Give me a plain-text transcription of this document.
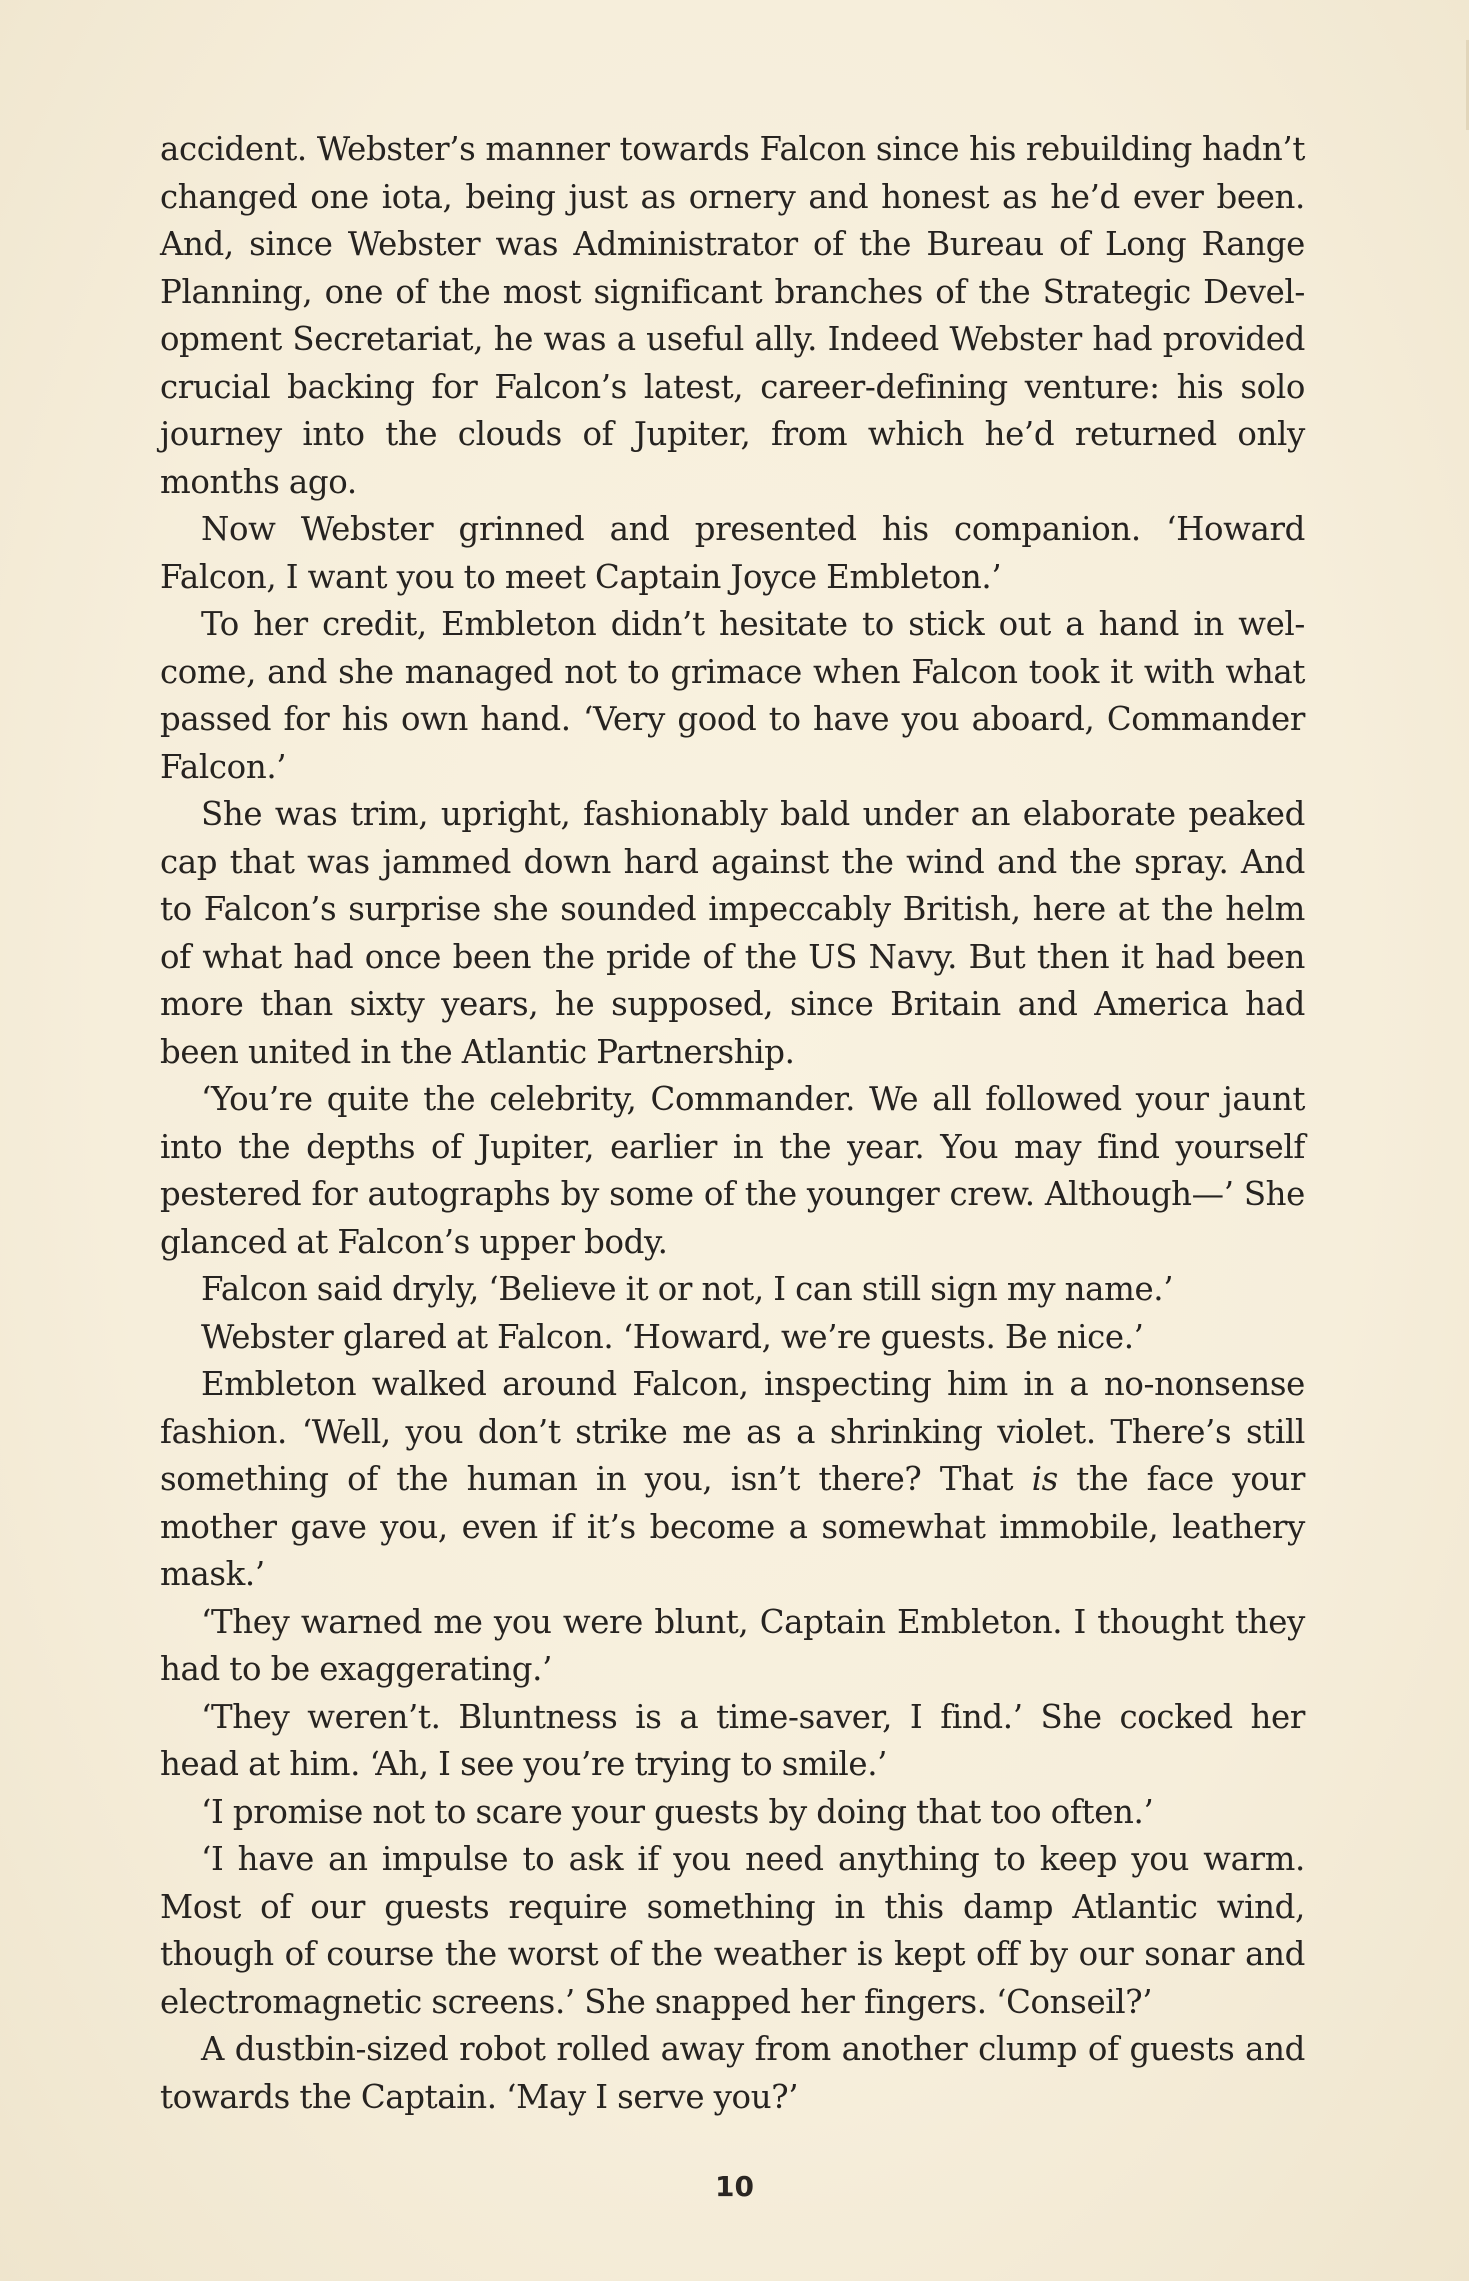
accident. Webster’s manner towards Falcon since his rebuilding hadn’t changed one iota, being just as ornery and honest as he’d ever been. And, since Webster was Administrator of the Bureau of Long Range Planning, one of the most significant branches of the Strategic Devel-opment Secretariat, he was a useful ally. Indeed Webster had provided crucial backing for Falcon’s latest, career-defining venture: his solo journey into the clouds of Jupiter, from which he’d returned only months ago.

Now Webster grinned and presented his companion. ‘Howard Falcon, I want you to meet Captain Joyce Embleton.’

To her credit, Embleton didn’t hesitate to stick out a hand in wel-come, and she managed not to grimace when Falcon took it with what passed for his own hand. ‘Very good to have you aboard, Commander Falcon.’

She was trim, upright, fashionably bald under an elaborate peaked cap that was jammed down hard against the wind and the spray. And to Falcon’s surprise she sounded impeccably British, here at the helm of what had once been the pride of the US Navy. But then it had been more than sixty years, he supposed, since Britain and America had been united in the Atlantic Partnership.

‘You’re quite the celebrity, Commander. We all followed your jaunt into the depths of Jupiter, earlier in the year. You may find yourself pestered for autographs by some of the younger crew. Although—’ She glanced at Falcon’s upper body.

Falcon said dryly, ‘Believe it or not, I can still sign my name.’

Webster glared at Falcon. ‘Howard, we’re guests. Be nice.’

Embleton walked around Falcon, inspecting him in a no-nonsense fashion. ‘Well, you don’t strike me as a shrinking violet. There’s still something of the human in you, isn’t there? That is the face your mother gave you, even if it’s become a somewhat immobile, leathery mask.’

‘They warned me you were blunt, Captain Embleton. I thought they had to be exaggerating.’

‘They weren’t. Bluntness is a time-saver, I find.’ She cocked her head at him. ‘Ah, I see you’re trying to smile.’

‘I promise not to scare your guests by doing that too often.’

‘I have an impulse to ask if you need anything to keep you warm. Most of our guests require something in this damp Atlantic wind, though of course the worst of the weather is kept off by our sonar and electromagnetic screens.’ She snapped her fingers. ‘Conseil?’

A dustbin-sized robot rolled away from another clump of guests and towards the Captain. ‘May I serve you?’

10
